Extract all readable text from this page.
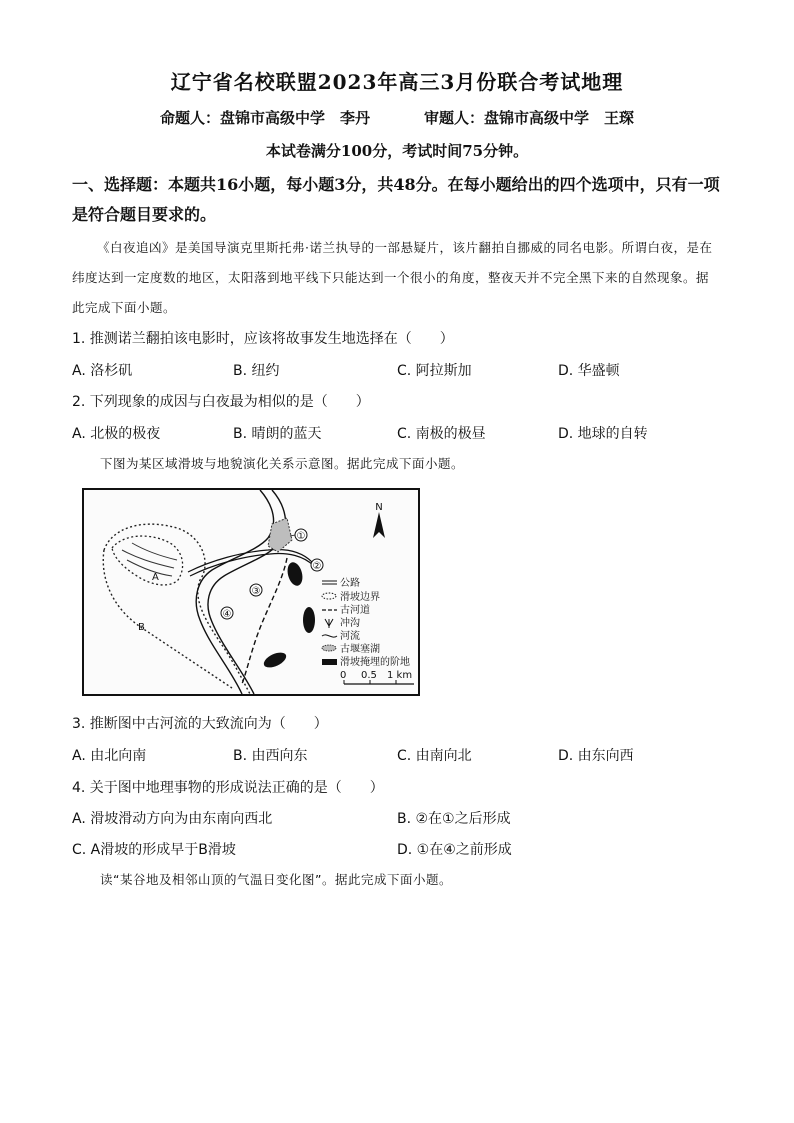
辽宁省名校联盟2023年高三3月份联合考试地理
命题人：盘锦市高级中学　李丹	审题人：盘锦市高级中学　王琛
本试卷满分100分，考试时间75分钟。
一、选择题：本题共16小题，每小题3分，共48分。在每小题给出的四个选项中，只有一项是符合题目要求的。
《白夜追凶》是美国导演克里斯托弗·诺兰执导的一部悬疑片，该片翻拍自挪威的同名电影。所谓白夜，是在纬度达到一定度数的地区，太阳落到地平线下只能达到一个很小的角度，整夜天并不完全黑下来的自然现象。据此完成下面小题。
1. 推测诺兰翻拍该电影时，应该将故事发生地选择在（　　）
A. 洛杉矶	B. 纽约	C. 阿拉斯加	D. 华盛顿
2. 下列现象的成因与白夜最为相似的是（　　）
A. 北极的极夜	B. 晴朗的蓝天	C. 南极的极昼	D. 地球的自转
下图为某区域滑坡与地貌演化关系示意图。据此完成下面小题。
①
②
③
④
A
B
N
公路
滑坡边界
古河道
冲沟
河流
古堰塞湖
滑坡掩埋的阶地
0 0.5 1 km
3. 推断图中古河流的大致流向为（　　）
A. 由北向南	B. 由西向东	C. 由南向北	D. 由东向西
4. 关于图中地理事物的形成说法正确的是（　　）
A. 滑坡滑动方向为由东南向西北	B. ②在①之后形成
C. A滑坡的形成早于B滑坡	D. ①在④之前形成
读“某谷地及相邻山顶的气温日变化图”。据此完成下面小题。
